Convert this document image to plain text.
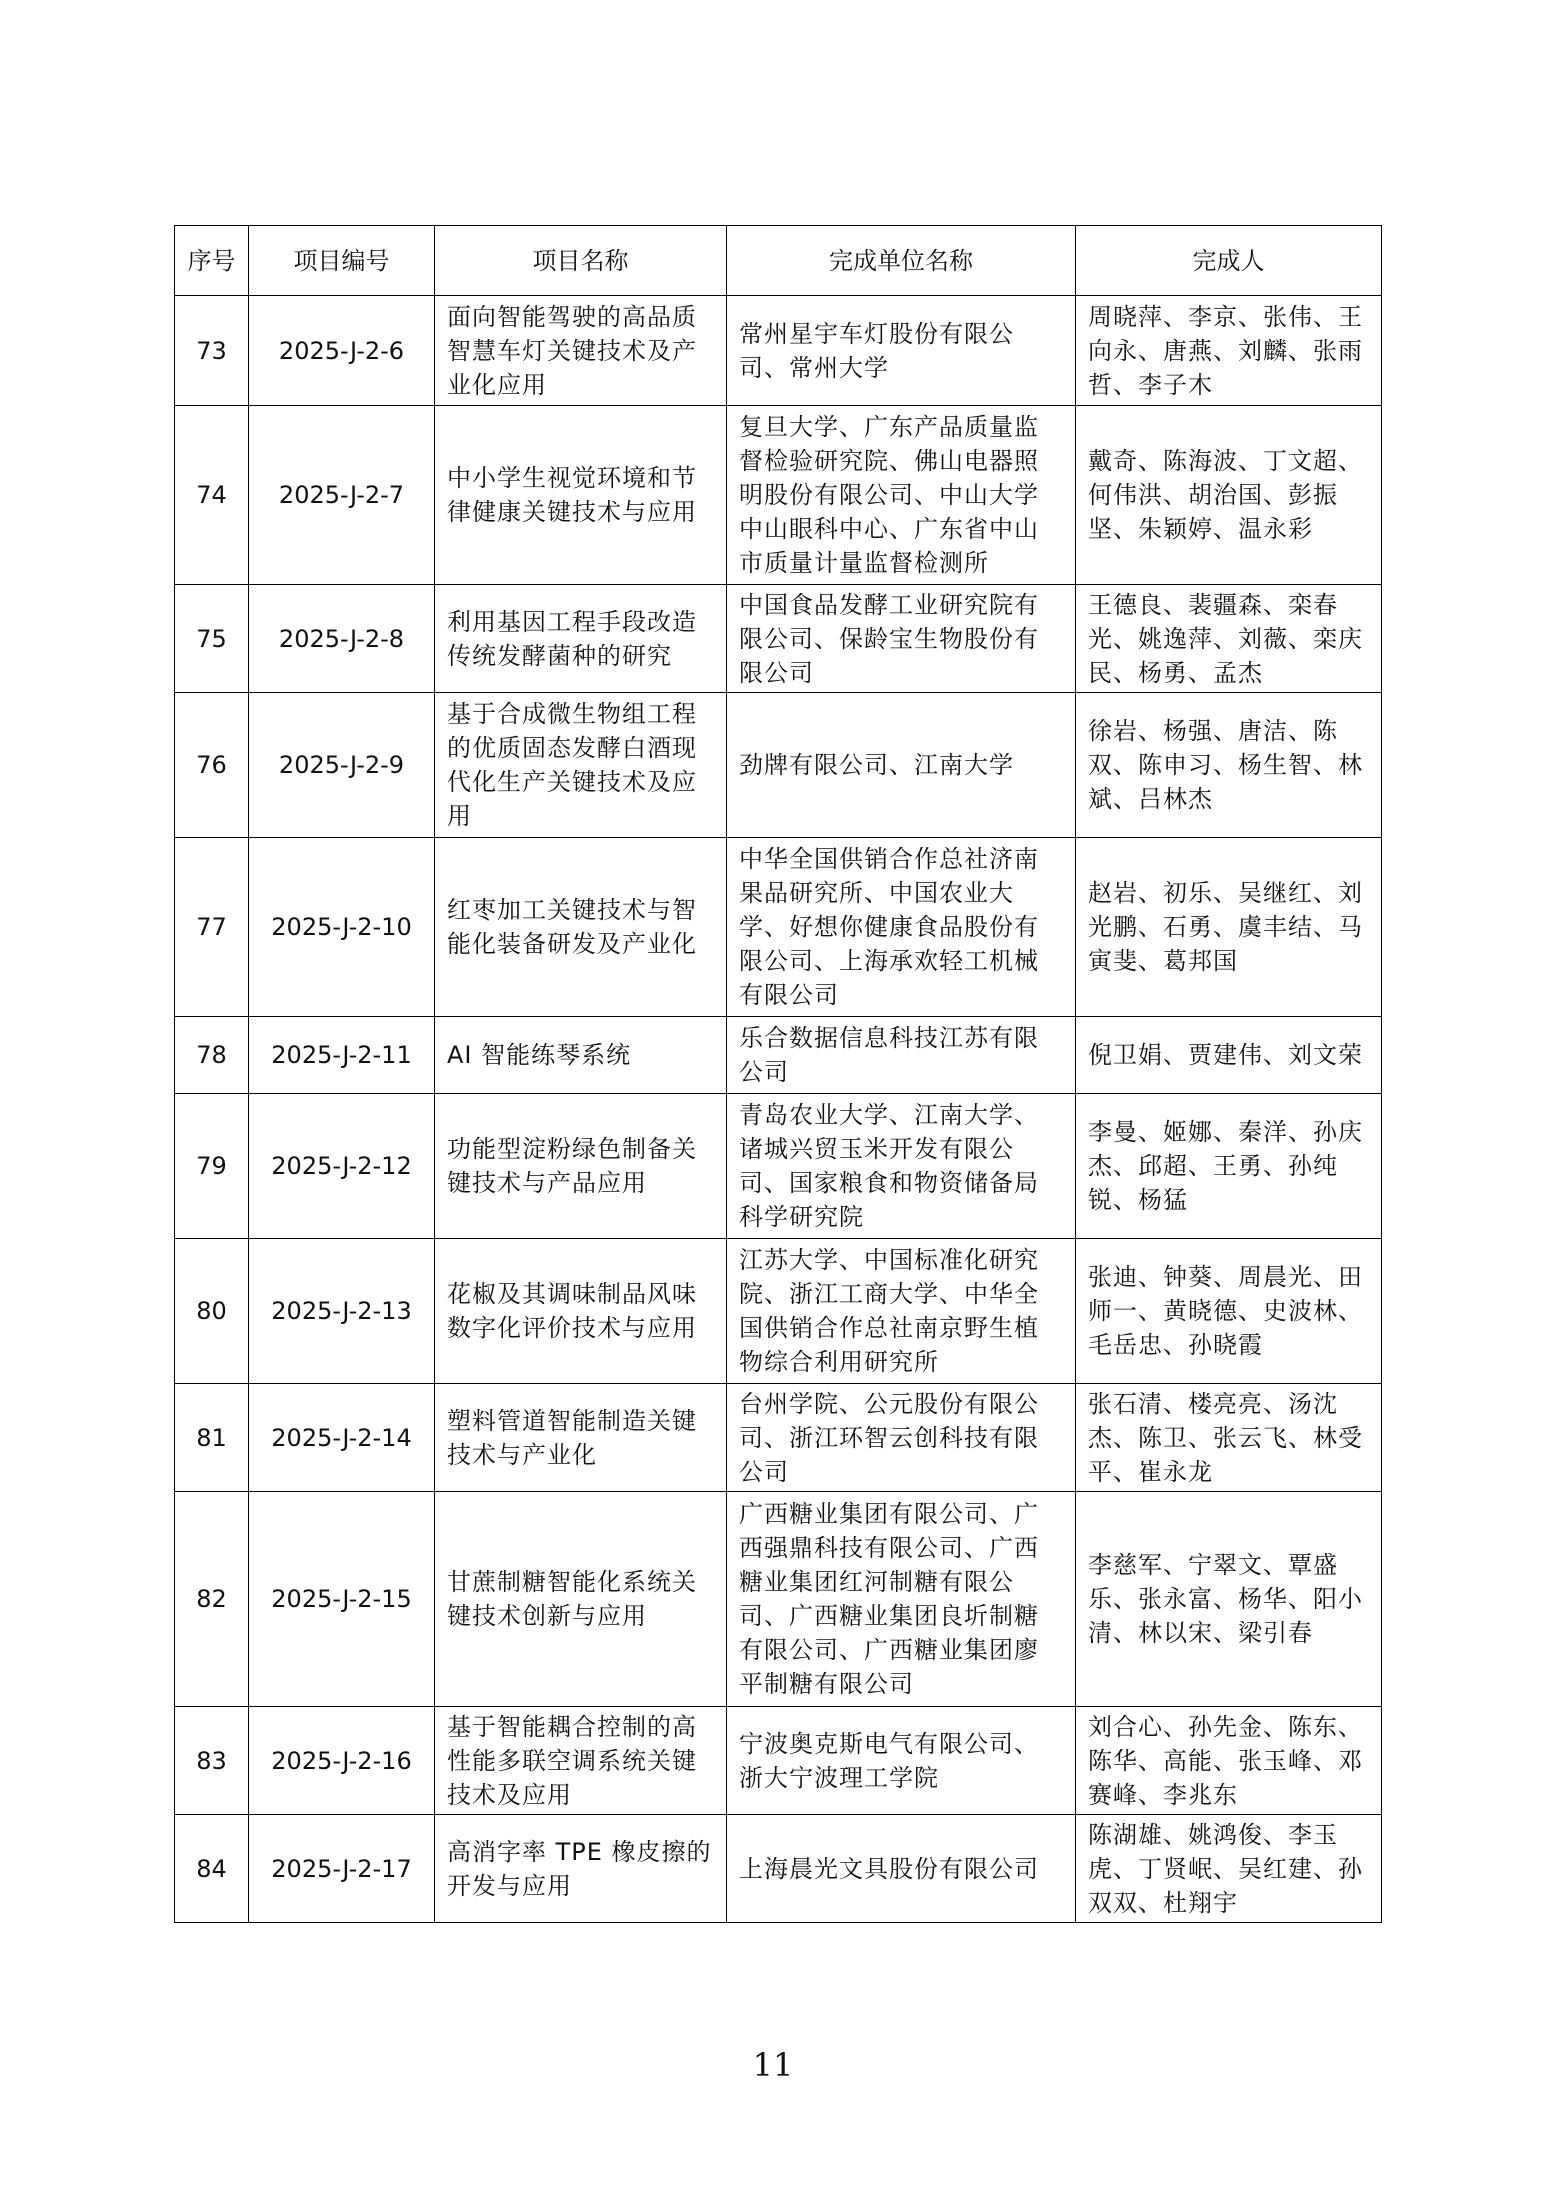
序号	项目编号	项目名称	完成单位名称	完成人
73	2025-J-2-6	面向智能驾驶的高品质智慧车灯关键技术及产业化应用	常州星宇车灯股份有限公司、常州大学	周晓萍、李京、张伟、王向永、唐燕、刘麟、张雨哲、李子木
74	2025-J-2-7	中小学生视觉环境和节律健康关键技术与应用	复旦大学、广东产品质量监督检验研究院、佛山电器照明股份有限公司、中山大学中山眼科中心、广东省中山市质量计量监督检测所	戴奇、陈海波、丁文超、何伟洪、胡治国、彭振坚、朱颖婷、温永彩
75	2025-J-2-8	利用基因工程手段改造传统发酵菌种的研究	中国食品发酵工业研究院有限公司、保龄宝生物股份有限公司	王德良、裴疆森、栾春光、姚逸萍、刘薇、栾庆民、杨勇、孟杰
76	2025-J-2-9	基于合成微生物组工程的优质固态发酵白酒现代化生产关键技术及应用	劲牌有限公司、江南大学	徐岩、杨强、唐洁、陈双、陈申习、杨生智、林斌、吕林杰
77	2025-J-2-10	红枣加工关键技术与智能化装备研发及产业化	中华全国供销合作总社济南果品研究所、中国农业大学、好想你健康食品股份有限公司、上海承欢轻工机械有限公司	赵岩、初乐、吴继红、刘光鹏、石勇、虞丰结、马寅斐、葛邦国
78	2025-J-2-11	AI 智能练琴系统	乐合数据信息科技江苏有限公司	倪卫娟、贾建伟、刘文荣
79	2025-J-2-12	功能型淀粉绿色制备关键技术与产品应用	青岛农业大学、江南大学、诸城兴贸玉米开发有限公司、国家粮食和物资储备局科学研究院	李曼、姬娜、秦洋、孙庆杰、邱超、王勇、孙纯锐、杨猛
80	2025-J-2-13	花椒及其调味制品风味数字化评价技术与应用	江苏大学、中国标准化研究院、浙江工商大学、中华全国供销合作总社南京野生植物综合利用研究所	张迪、钟葵、周晨光、田师一、黄晓德、史波林、毛岳忠、孙晓霞
81	2025-J-2-14	塑料管道智能制造关键技术与产业化	台州学院、公元股份有限公司、浙江环智云创科技有限公司	张石清、楼亮亮、汤沈杰、陈卫、张云飞、林受平、崔永龙
82	2025-J-2-15	甘蔗制糖智能化系统关键技术创新与应用	广西糖业集团有限公司、广西强鼎科技有限公司、广西糖业集团红河制糖有限公司、广西糖业集团良圻制糖有限公司、广西糖业集团廖平制糖有限公司	李慈军、宁翠文、覃盛乐、张永富、杨华、阳小清、林以宋、梁引春
83	2025-J-2-16	基于智能耦合控制的高性能多联空调系统关键技术及应用	宁波奥克斯电气有限公司、浙大宁波理工学院	刘合心、孙先金、陈东、陈华、高能、张玉峰、邓赛峰、李兆东
84	2025-J-2-17	高消字率 TPE 橡皮擦的开发与应用	上海晨光文具股份有限公司	陈湖雄、姚鸿俊、李玉虎、丁贤岷、吴红建、孙双双、杜翔宇
11
